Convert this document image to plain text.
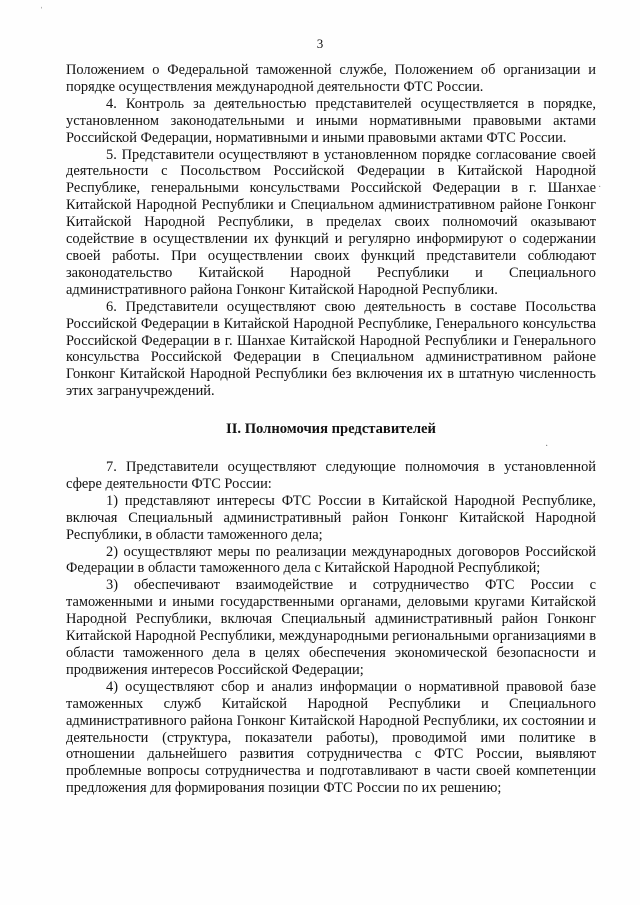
ˈ
·
·
3

Положением о Федеральной таможенной службе, Положением об организации и порядке осуществления международной деятельности ФТС России.

4. Контроль за деятельностью представителей осуществляется в порядке, установленном законодательными и иными нормативными правовыми актами Российской Федерации, нормативными и иными правовыми актами ФТС России.

5. Представители осуществляют в установленном порядке согласование своей деятельности с Посольством Российской Федерации в Китайской Народной Республике, генеральными консульствами Российской Федерации в г. Шанхае Китайской Народной Республики и Специальном административном районе Гонконг Китайской Народной Республики, в пределах своих полномочий оказывают содействие в осуществлении их функций и регулярно информируют о содержании своей работы. При осуществлении своих функций представители соблюдают законодательство Китайской Народной Республики и Специального административного района Гонконг Китайской Народной Республики.

6. Представители осуществляют свою деятельность в составе Посольства Российской Федерации в Китайской Народной Республике, Генерального консульства Российской Федерации в г. Шанхае Китайской Народной Республики и Генерального консульства Российской Федерации в Специальном административном районе Гонконг Китайской Народной Республики без включения их в штатную численность этих загранучреждений.

II. Полномочия представителей

7. Представители осуществляют следующие полномочия в установленной сфере деятельности ФТС России:

1) представляют интересы ФТС России в Китайской Народной Республике, включая Специальный административный район Гонконг Китайской Народной Республики, в области таможенного дела;

2) осуществляют меры по реализации международных договоров Российской Федерации в области таможенного дела с Китайской Народной Республикой;

3) обеспечивают взаимодействие и сотрудничество ФТС России с таможенными и иными государственными органами, деловыми кругами Китайской Народной Республики, включая Специальный административный район Гонконг Китайской Народной Республики, международными региональными организациями в области таможенного дела в целях обеспечения экономической безопасности и продвижения интересов Российской Федерации;

4) осуществляют сбор и анализ информации о нормативной правовой базе таможенных служб Китайской Народной Республики и Специального административного района Гонконг Китайской Народной Республики, их состоянии и деятельности (структура, показатели работы), проводимой ими политике в отношении дальнейшего развития сотрудничества с ФТС России, выявляют проблемные вопросы сотрудничества и подготавливают в части своей компетенции предложения для формирования позиции ФТС России по их решению;
